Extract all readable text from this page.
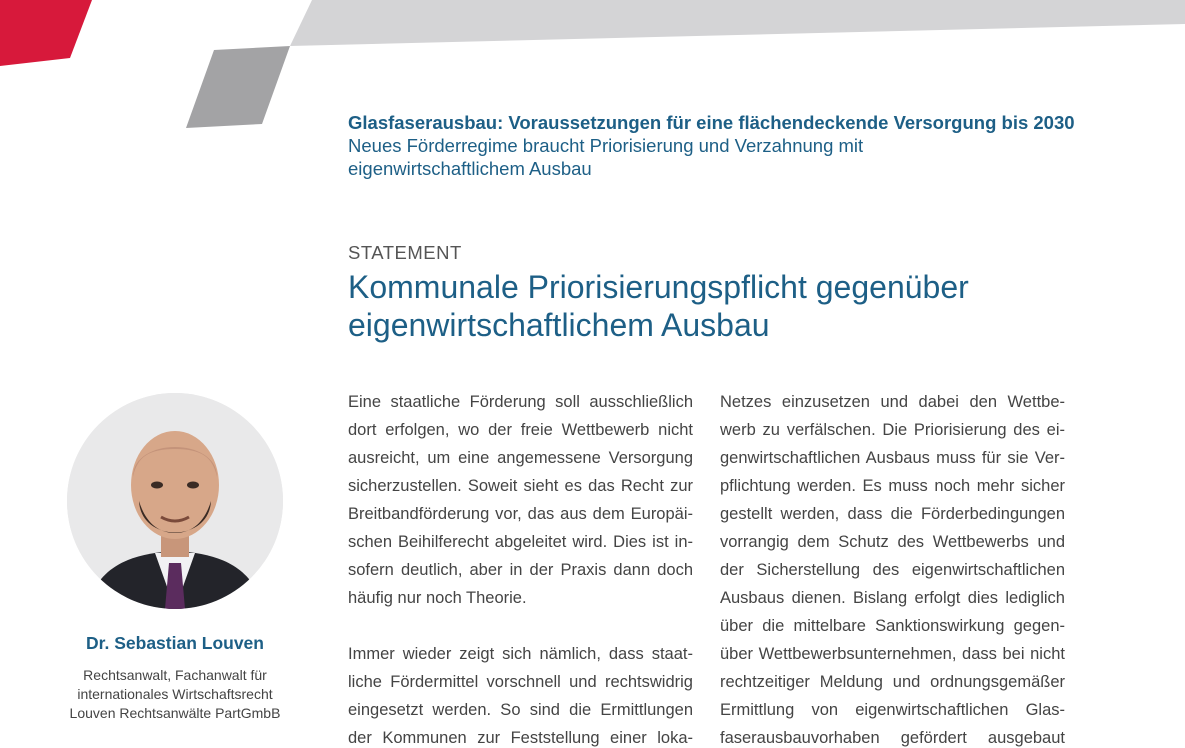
Glasfaserausbau: Voraussetzungen für eine flächendeckende Versorgung bis 2030
Neues Förderregime braucht Priorisierung und Verzahnung mit eigenwirtschaftlichem Ausbau
STATEMENT
Kommunale Priorisierungspflicht gegenüber eigenwirtschaftlichem Ausbau
Dr. Sebastian Louven
Rechtsanwalt, Fachanwalt für
internationales Wirtschaftsrecht
Louven Rechtsanwälte PartGmbB
Eine staatliche Förderung soll ausschließlich
dort erfolgen, wo der freie Wettbewerb nicht
ausreicht, um eine angemessene Versorgung
sicherzustellen. Soweit sieht es das Recht zur
Breitbandförderung vor, das aus dem Europäi-
schen Beihilferecht abgeleitet wird. Dies ist in-
sofern deutlich, aber in der Praxis dann doch
häufig nur noch Theorie.
Immer wieder zeigt sich nämlich, dass staat-
liche Fördermittel vorschnell und rechtswidrig
eingesetzt werden. So sind die Ermittlungen
der Kommunen zur Feststellung einer loka-
Netzes einzusetzen und dabei den Wettbe-
werb zu verfälschen. Die Priorisierung des ei-
genwirtschaftlichen Ausbaus muss für sie Ver-
pflichtung werden. Es muss noch mehr sicher
gestellt werden, dass die Förderbedingungen
vorrangig dem Schutz des Wettbewerbs und
der Sicherstellung des eigenwirtschaftlichen
Ausbaus dienen. Bislang erfolgt dies lediglich
über die mittelbare Sanktionswirkung gegen-
über Wettbewerbsunternehmen, dass bei nicht
rechtzeitiger Meldung und ordnungsgemäßer
Ermittlung von eigenwirtschaftlichen Glas-
faserausbauvorhaben gefördert ausgebaut
